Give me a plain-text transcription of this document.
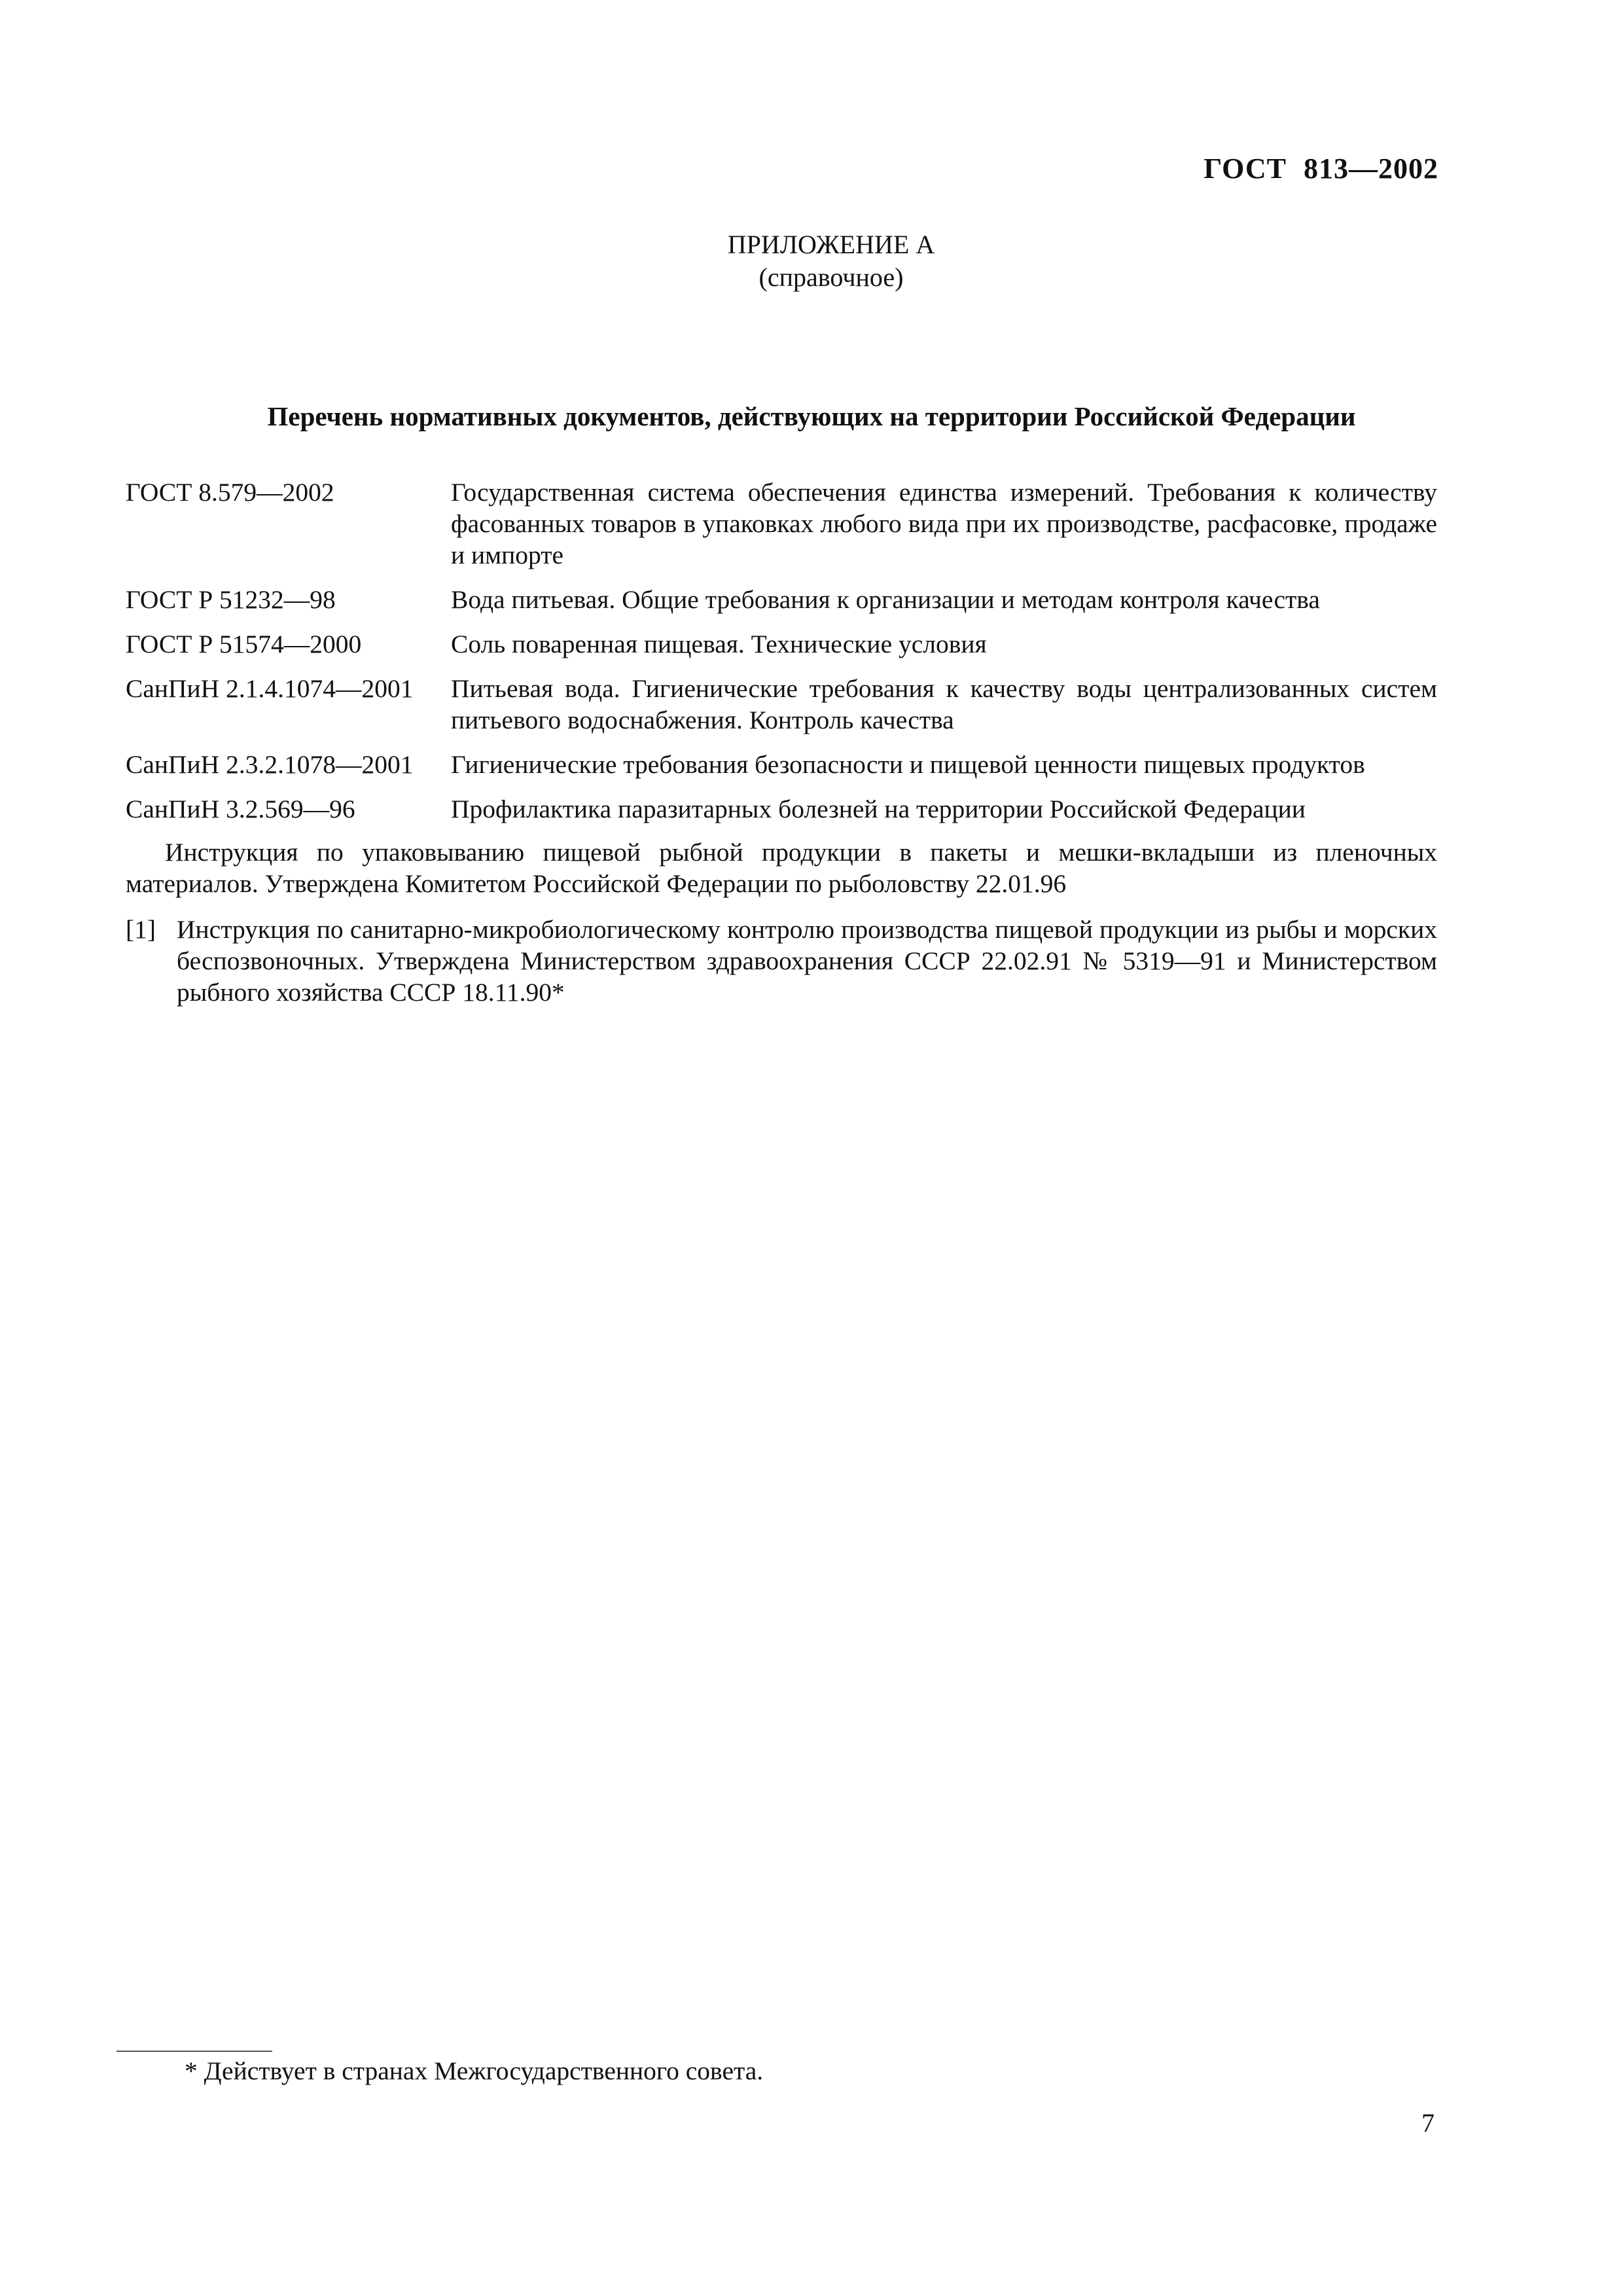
ГОСТ 813—2002
ПРИЛОЖЕНИЕ А
(справочное)
Перечень нормативных документов, действующих на территории Российской Федерации
ГОСТ 8.579—2002	Государственная система обеспечения единства измерений. Требования к количеству фасованных товаров в упаковках любого вида при их производстве, расфасовке, продаже и импорте
ГОСТ Р 51232—98	Вода питьевая. Общие требования к организации и методам контроля качества
ГОСТ Р 51574—2000	Соль поваренная пищевая. Технические условия
СанПиН 2.1.4.1074—2001	Питьевая вода. Гигиенические требования к качеству воды централизованных систем питьевого водоснабжения. Контроль качества
СанПиН 2.3.2.1078—2001	Гигиенические требования безопасности и пищевой ценности пищевых продуктов
СанПиН 3.2.569—96	Профилактика паразитарных болезней на территории Российской Федерации
Инструкция по упаковыванию пищевой рыбной продукции в пакеты и мешки-вкладыши из пленочных материалов. Утверждена Комитетом Российской Федерации по рыболовству 22.01.96
[1] Инструкция по санитарно-микробиологическому контролю производства пищевой продукции из рыбы и морских беспозвоночных. Утверждена Министерством здравоохранения СССР 22.02.91 № 5319—91 и Министерством рыбного хозяйства СССР 18.11.90*
* Действует в странах Межгосударственного совета.
7
